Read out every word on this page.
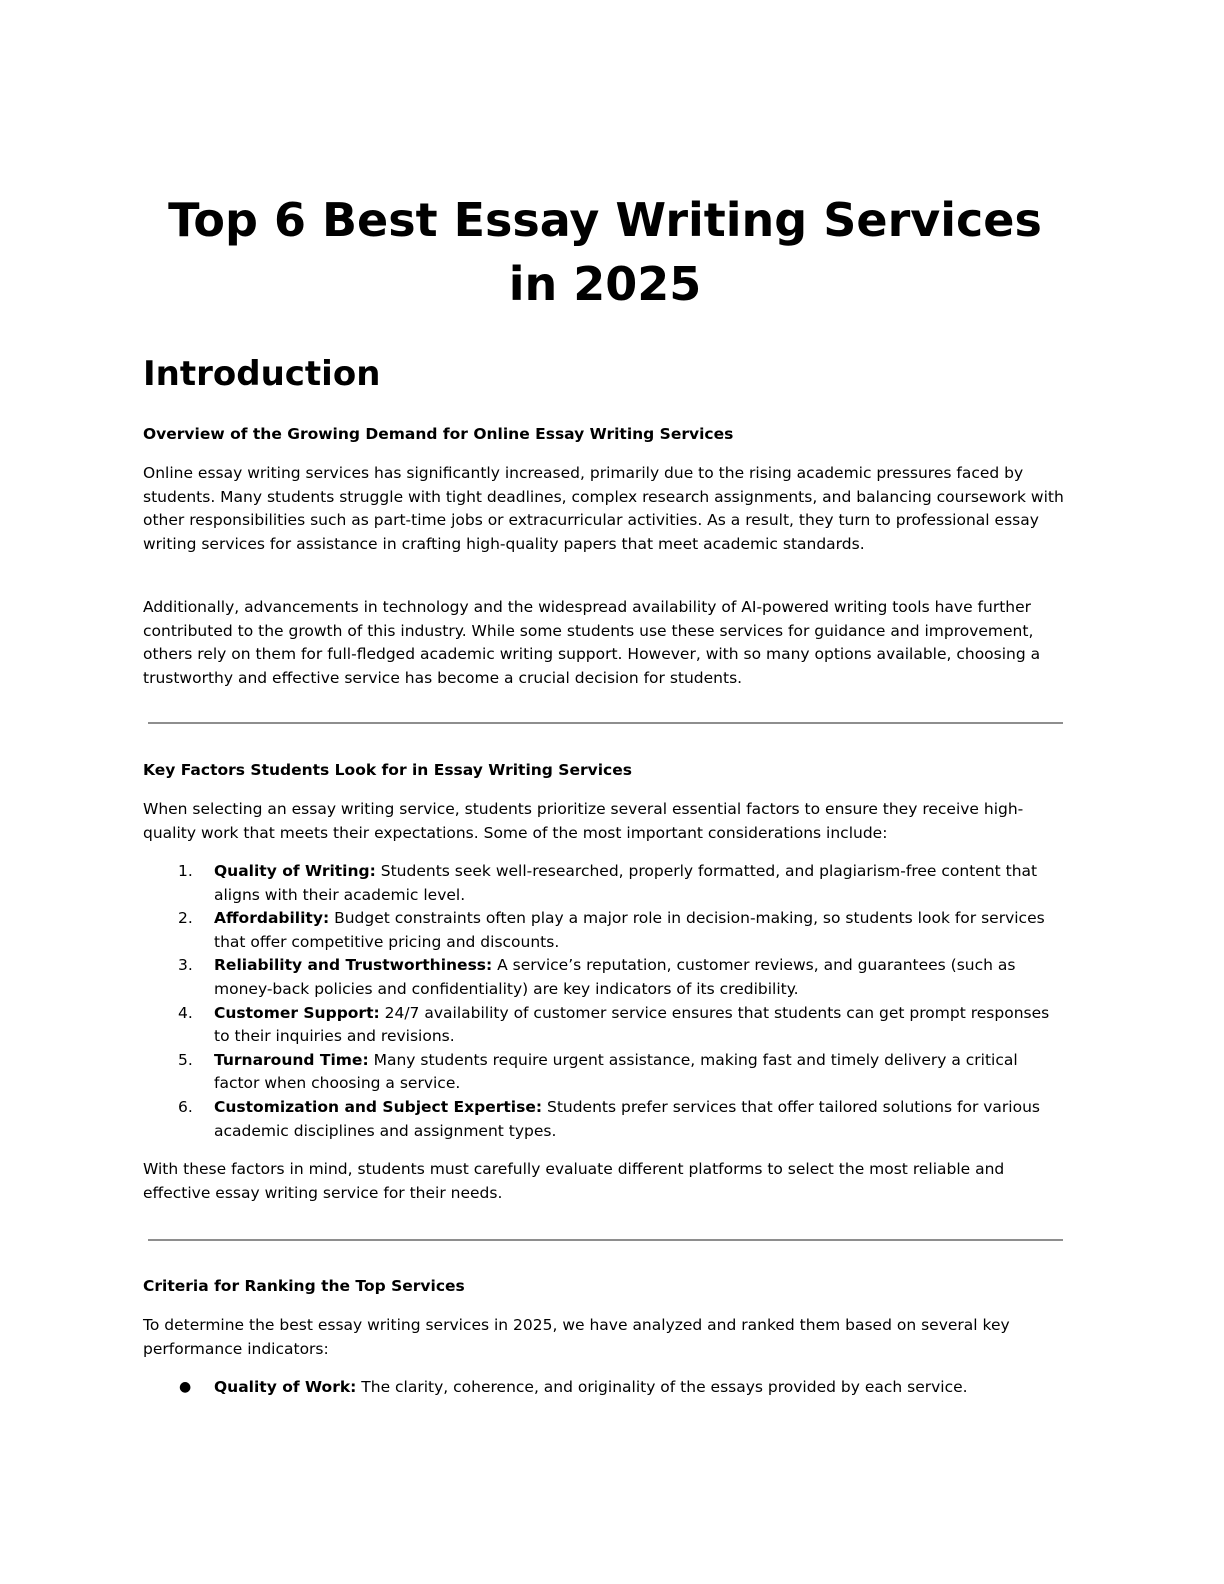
Top 6 Best Essay Writing Services
in 2025
Introduction

Overview of the Growing Demand for Online Essay Writing Services

Online essay writing services has significantly increased, primarily due to the rising academic pressures faced by students. Many students struggle with tight deadlines, complex research assignments, and balancing coursework with other responsibilities such as part-time jobs or extracurricular activities. As a result, they turn to professional essay writing services for assistance in crafting high-quality papers that meet academic standards.

Additionally, advancements in technology and the widespread availability of AI-powered writing tools have further contributed to the growth of this industry. While some students use these services for guidance and improvement, others rely on them for full-fledged academic writing support. However, with so many options available, choosing a trustworthy and effective service has become a crucial decision for students.

Key Factors Students Look for in Essay Writing Services

When selecting an essay writing service, students prioritize several essential factors to ensure they receive high-quality work that meets their expectations. Some of the most important considerations include:

1. Quality of Writing: Students seek well-researched, properly formatted, and plagiarism-free content that aligns with their academic level.
2. Affordability: Budget constraints often play a major role in decision-making, so students look for services that offer competitive pricing and discounts.
3. Reliability and Trustworthiness: A service’s reputation, customer reviews, and guarantees (such as money-back policies and confidentiality) are key indicators of its credibility.
4. Customer Support: 24/7 availability of customer service ensures that students can get prompt responses to their inquiries and revisions.
5. Turnaround Time: Many students require urgent assistance, making fast and timely delivery a critical factor when choosing a service.
6. Customization and Subject Expertise: Students prefer services that offer tailored solutions for various academic disciplines and assignment types.

With these factors in mind, students must carefully evaluate different platforms to select the most reliable and effective essay writing service for their needs.

Criteria for Ranking the Top Services

To determine the best essay writing services in 2025, we have analyzed and ranked them based on several key performance indicators:

● Quality of Work: The clarity, coherence, and originality of the essays provided by each service.
